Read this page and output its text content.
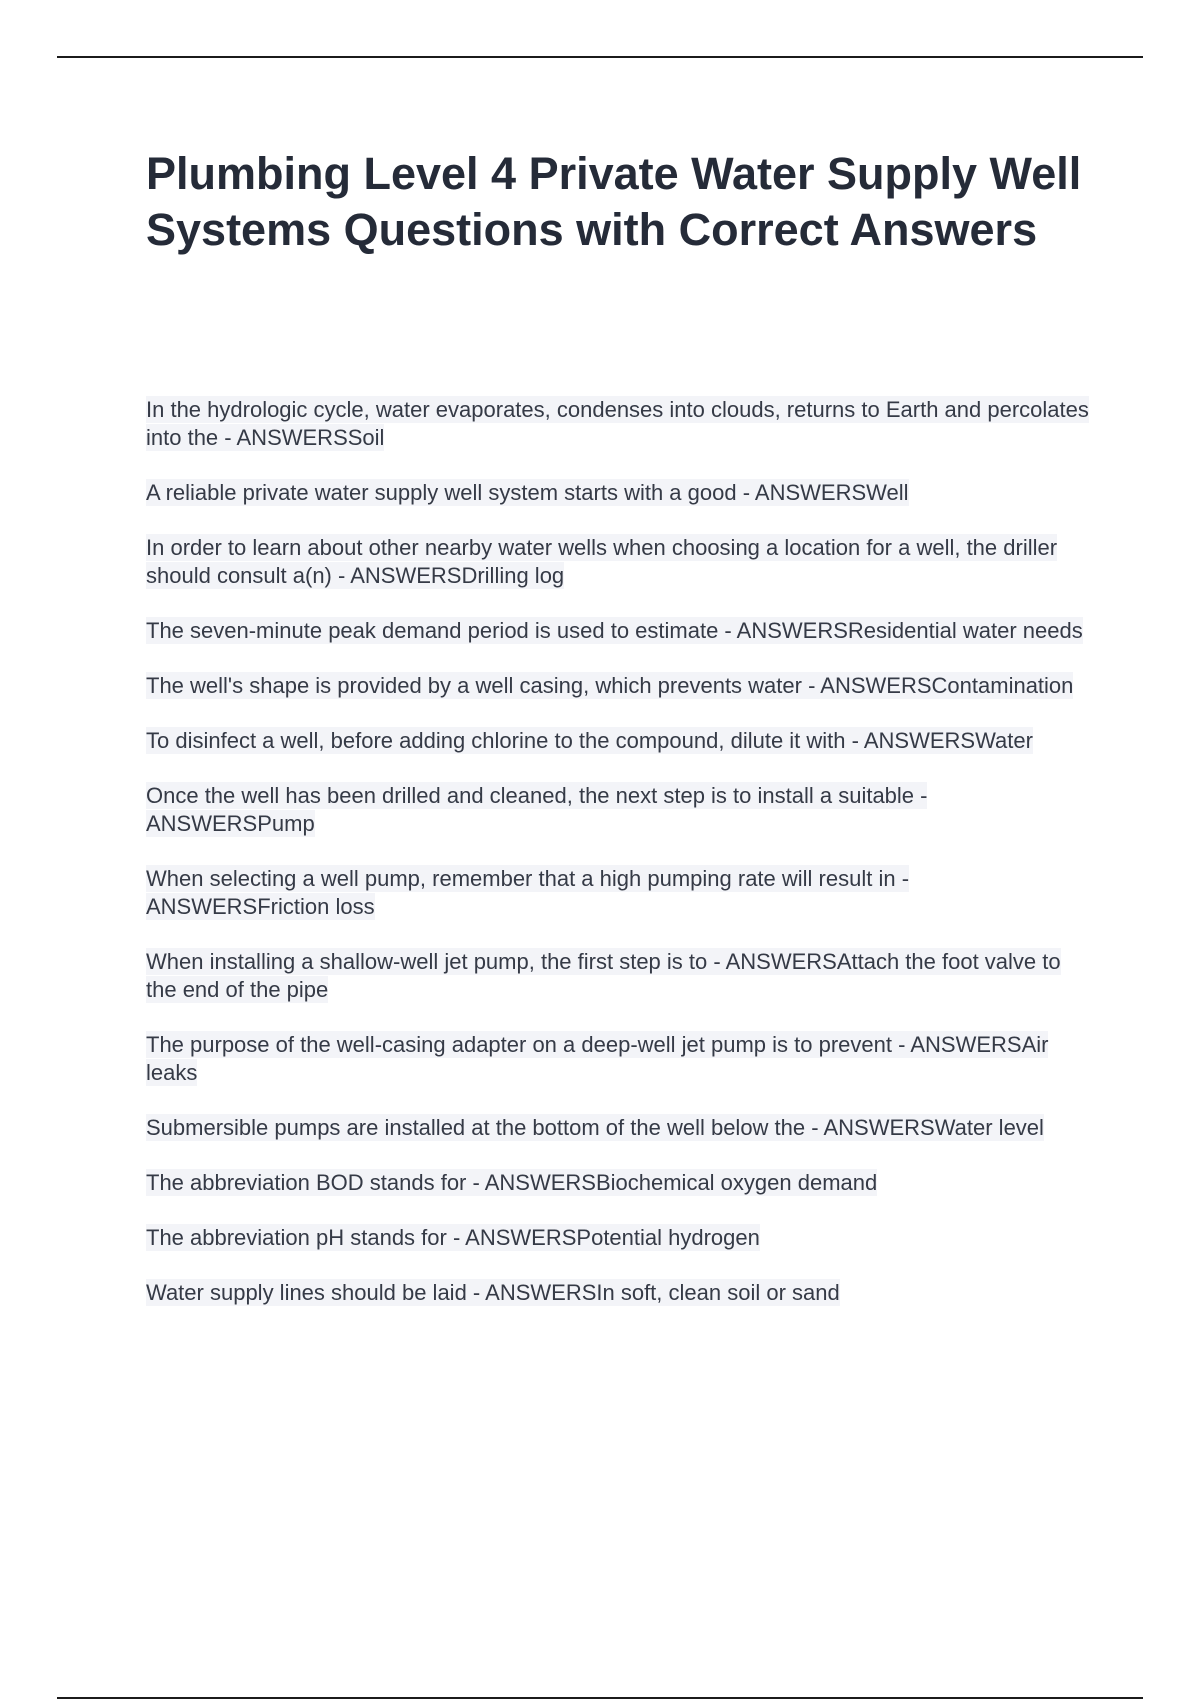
Plumbing Level 4 Private Water Supply Well Systems Questions with Correct Answers
In the hydrologic cycle, water evaporates, condenses into clouds, returns to Earth and percolates into the - ANSWERSSoil
A reliable private water supply well system starts with a good - ANSWERSWell
In order to learn about other nearby water wells when choosing a location for a well, the driller should consult a(n) - ANSWERSDrilling log
The seven-minute peak demand period is used to estimate - ANSWERSResidential water needs
The well's shape is provided by a well casing, which prevents water - ANSWERSContamination
To disinfect a well, before adding chlorine to the compound, dilute it with - ANSWERSWater
Once the well has been drilled and cleaned, the next step is to install a suitable - ANSWERSPump
When selecting a well pump, remember that a high pumping rate will result in - ANSWERSFriction loss
When installing a shallow-well jet pump, the first step is to - ANSWERSAttach the foot valve to the end of the pipe
The purpose of the well-casing adapter on a deep-well jet pump is to prevent - ANSWERSAir leaks
Submersible pumps are installed at the bottom of the well below the - ANSWERSWater level
The abbreviation BOD stands for - ANSWERSBiochemical oxygen demand
The abbreviation pH stands for - ANSWERSPotential hydrogen
Water supply lines should be laid - ANSWERSIn soft, clean soil or sand
